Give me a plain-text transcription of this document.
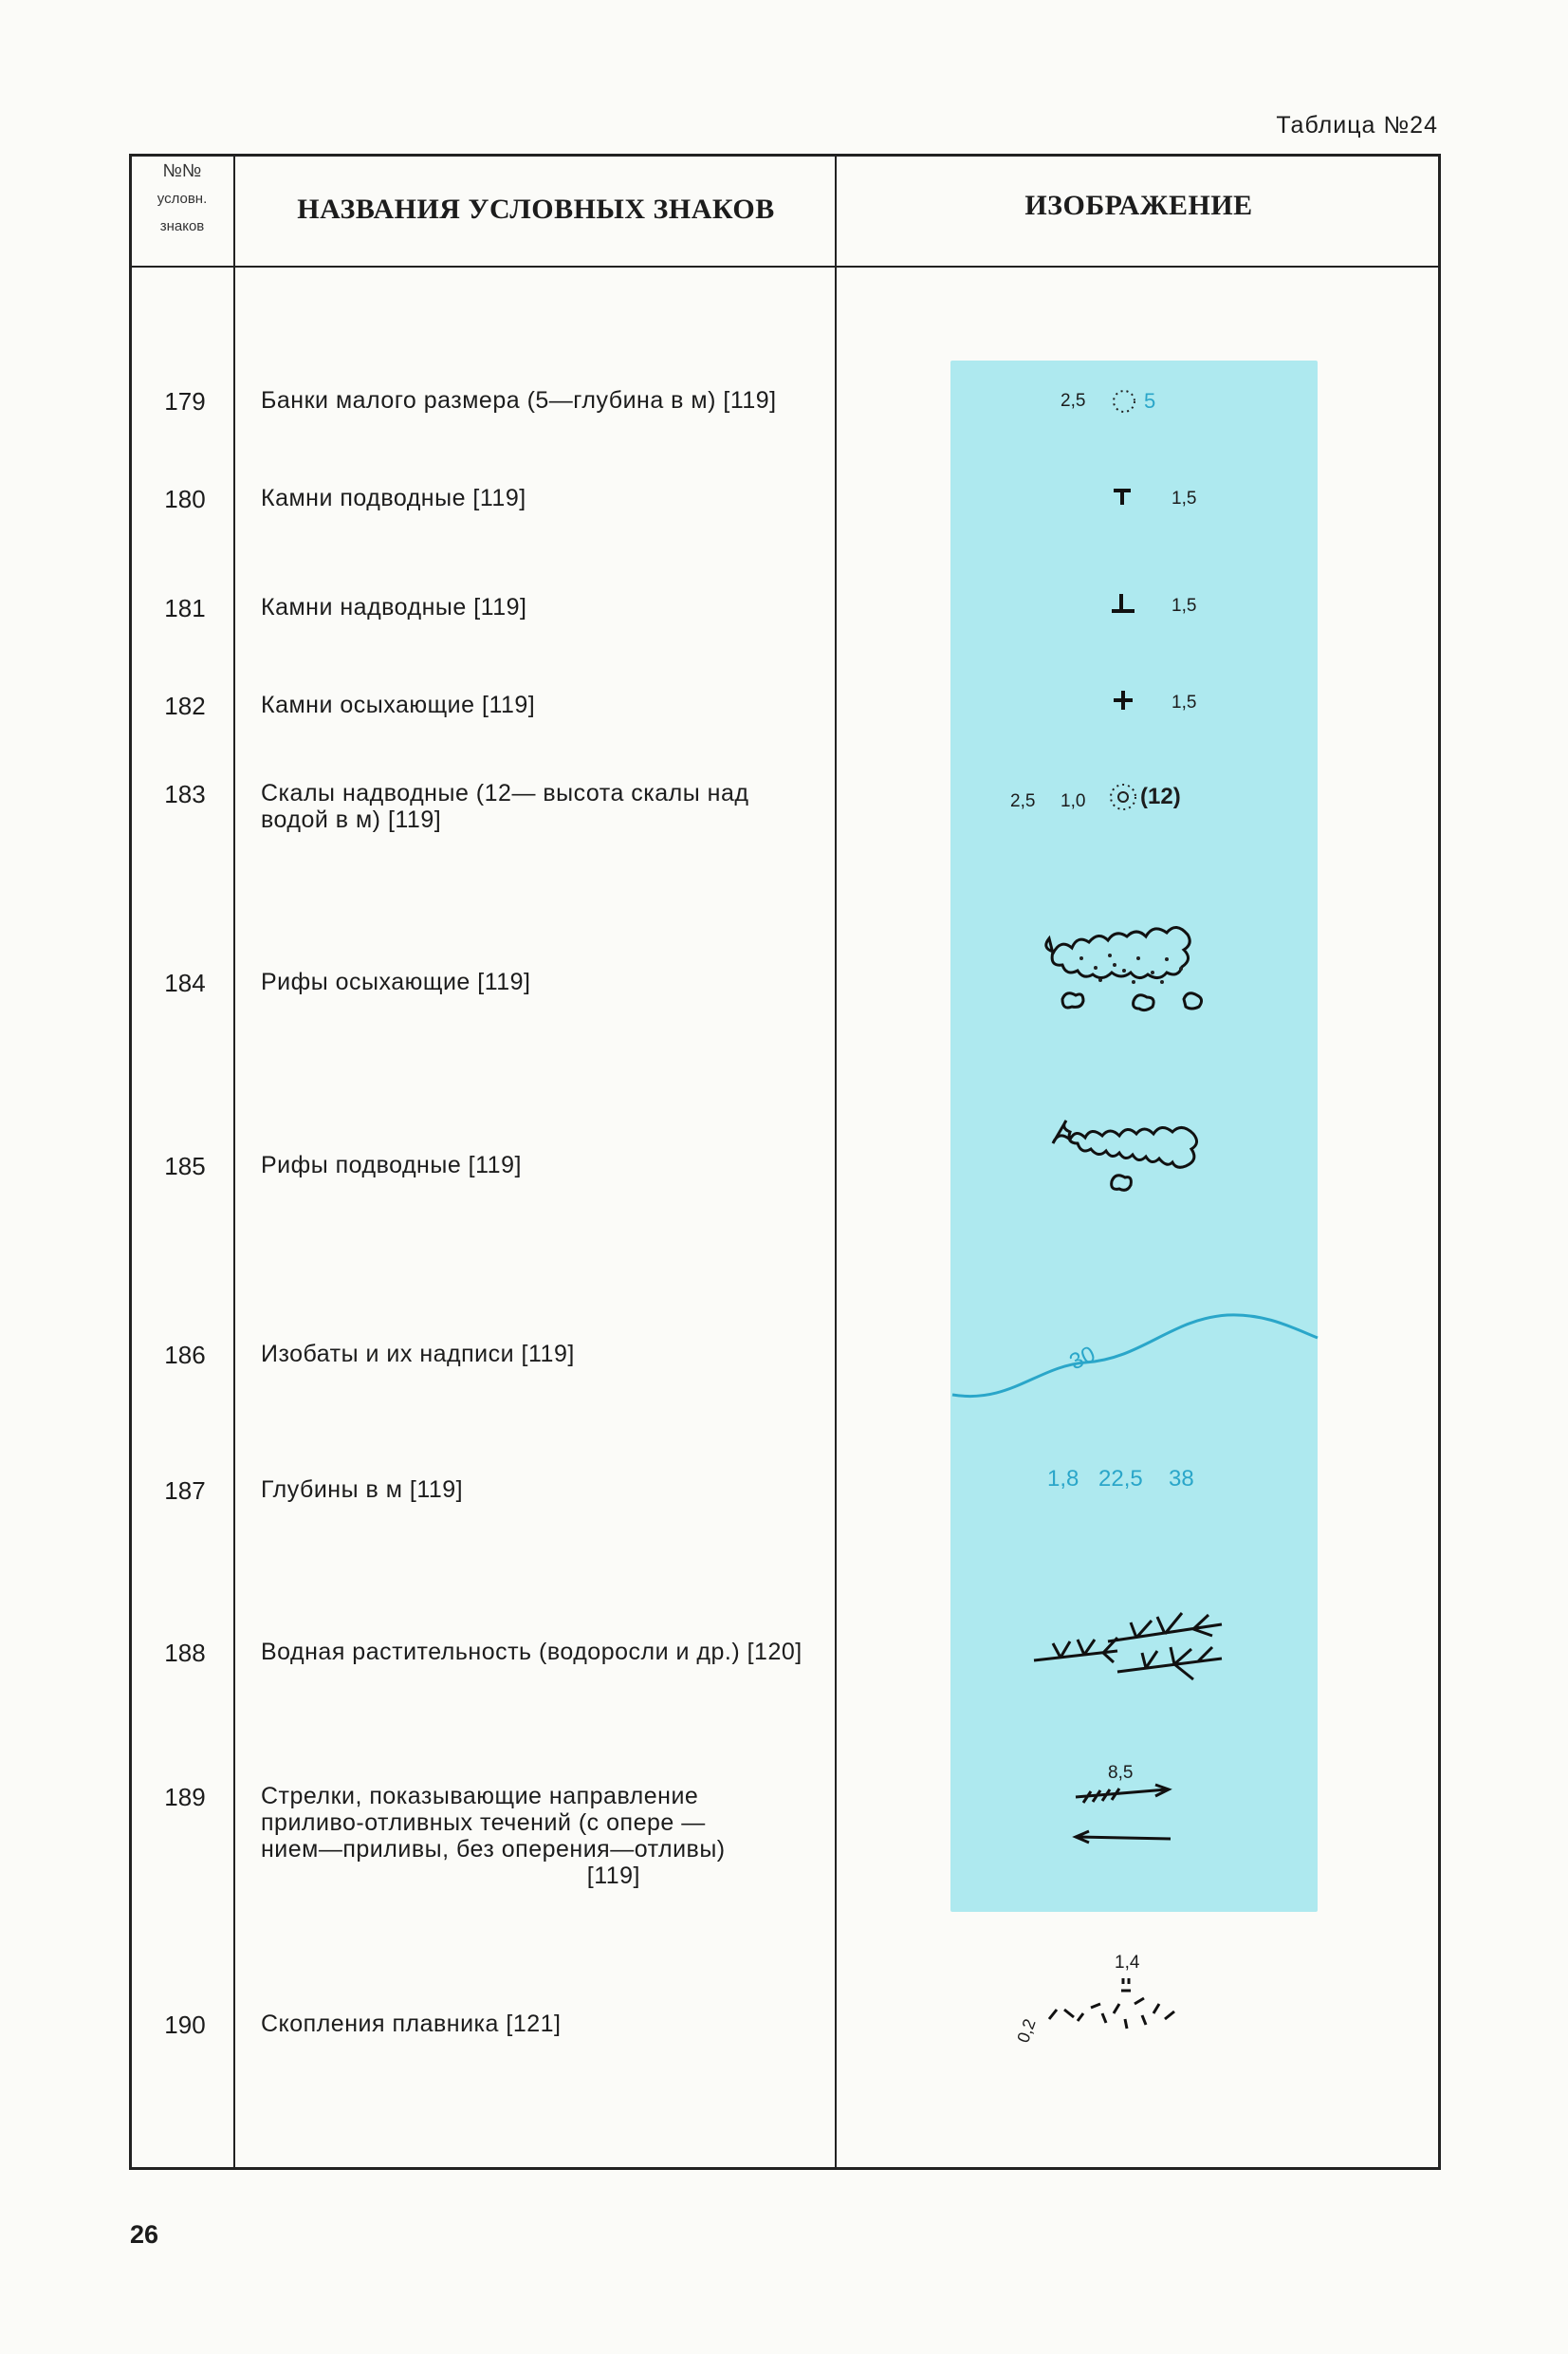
Таблица №24
№№
условн.
знаков
НАЗВАНИЯ УСЛОВНЫХ ЗНАКОВ	ИЗОБРАЖЕНИЕ
179
180
181
182
183
184
185
186
187
188
189
190
Банки малого размера (5—глубина в м) [119]
Камни подводные [119]
Камни надводные [119]
Камни осыхающие [119]
Скалы надводные (12— высота скалы над водой в м) [119]
Рифы осыхающие [119]
Рифы подводные [119]
Изобаты и их надписи [119]
Глубины в м [119]
Водная растительность (водоросли и др.) [120]
Стрелки, показывающие направление приливо-отливных течений (с опере — нием—приливы, без оперения—отливы)
[119]
Скопления плавника [121]
2,5	5
1,5
1,5
1,5
2,5 1,0 (12)
30
1,8 22,5 38
8,5
1,4
0,2
26
